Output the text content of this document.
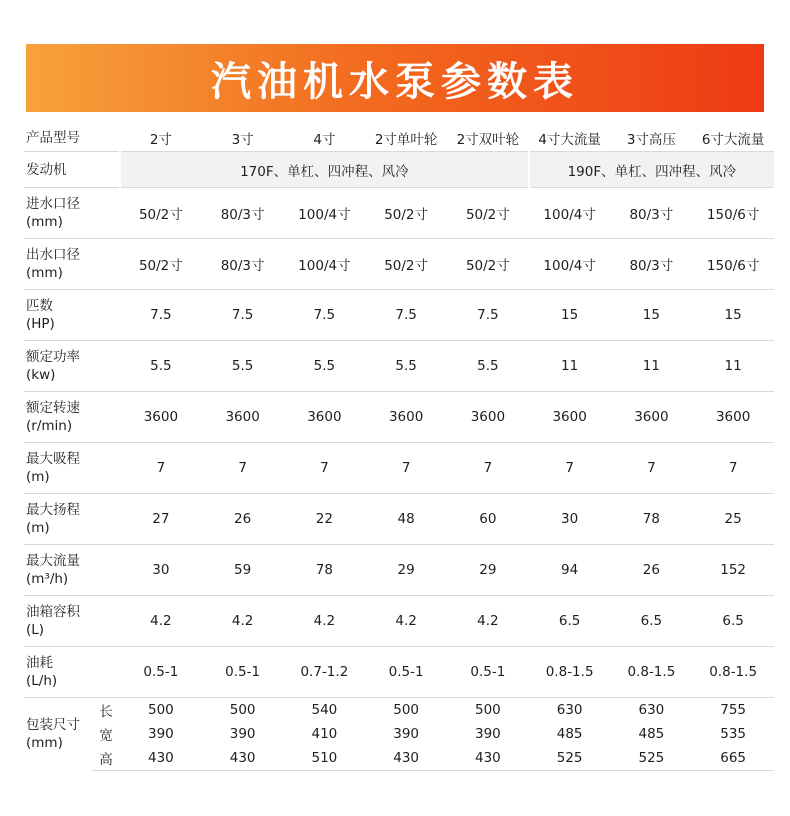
汽油机水泵参数表
产品型号		2寸	3寸	4寸	2寸单叶轮	2寸双叶轮	4寸大流量	3寸高压	6寸大流量
发动机		170F、单杠、四冲程、风冷					190F、单杠、四冲程、风冷		

进水口径
(mm)		50/2寸	80/3寸	100/4寸	50/2寸	50/2寸	100/4寸	80/3寸	150/6寸

出水口径
(mm)		50/2寸	80/3寸	100/4寸	50/2寸	50/2寸	100/4寸	80/3寸	150/6寸

匹数
(HP)		7.5	7.5	7.5	7.5	7.5	15	15	15

额定功率
(kw)		5.5	5.5	5.5	5.5	5.5	11	11	11

额定转速
(r/min)		3600	3600	3600	3600	3600	3600	3600	3600

最大吸程
(m)		7	7	7	7	7	7	7	7

最大扬程
(m)		27	26	22	48	60	30	78	25

最大流量
(m³/h)		30	59	78	29	29	94	26	152

油箱容积
(L)		4.2	4.2	4.2	4.2	4.2	6.5	6.5	6.5

油耗
(L/h)		0.5-1	0.5-1	0.7-1.2	0.5-1	0.5-1	0.8-1.5	0.8-1.5	0.8-1.5

包装尺寸
(mm)	长	500	500	540	500	500	630	630	755
	宽	390	390	410	390	390	485	485	535
	高	430	430	510	430	430	525	525	665
